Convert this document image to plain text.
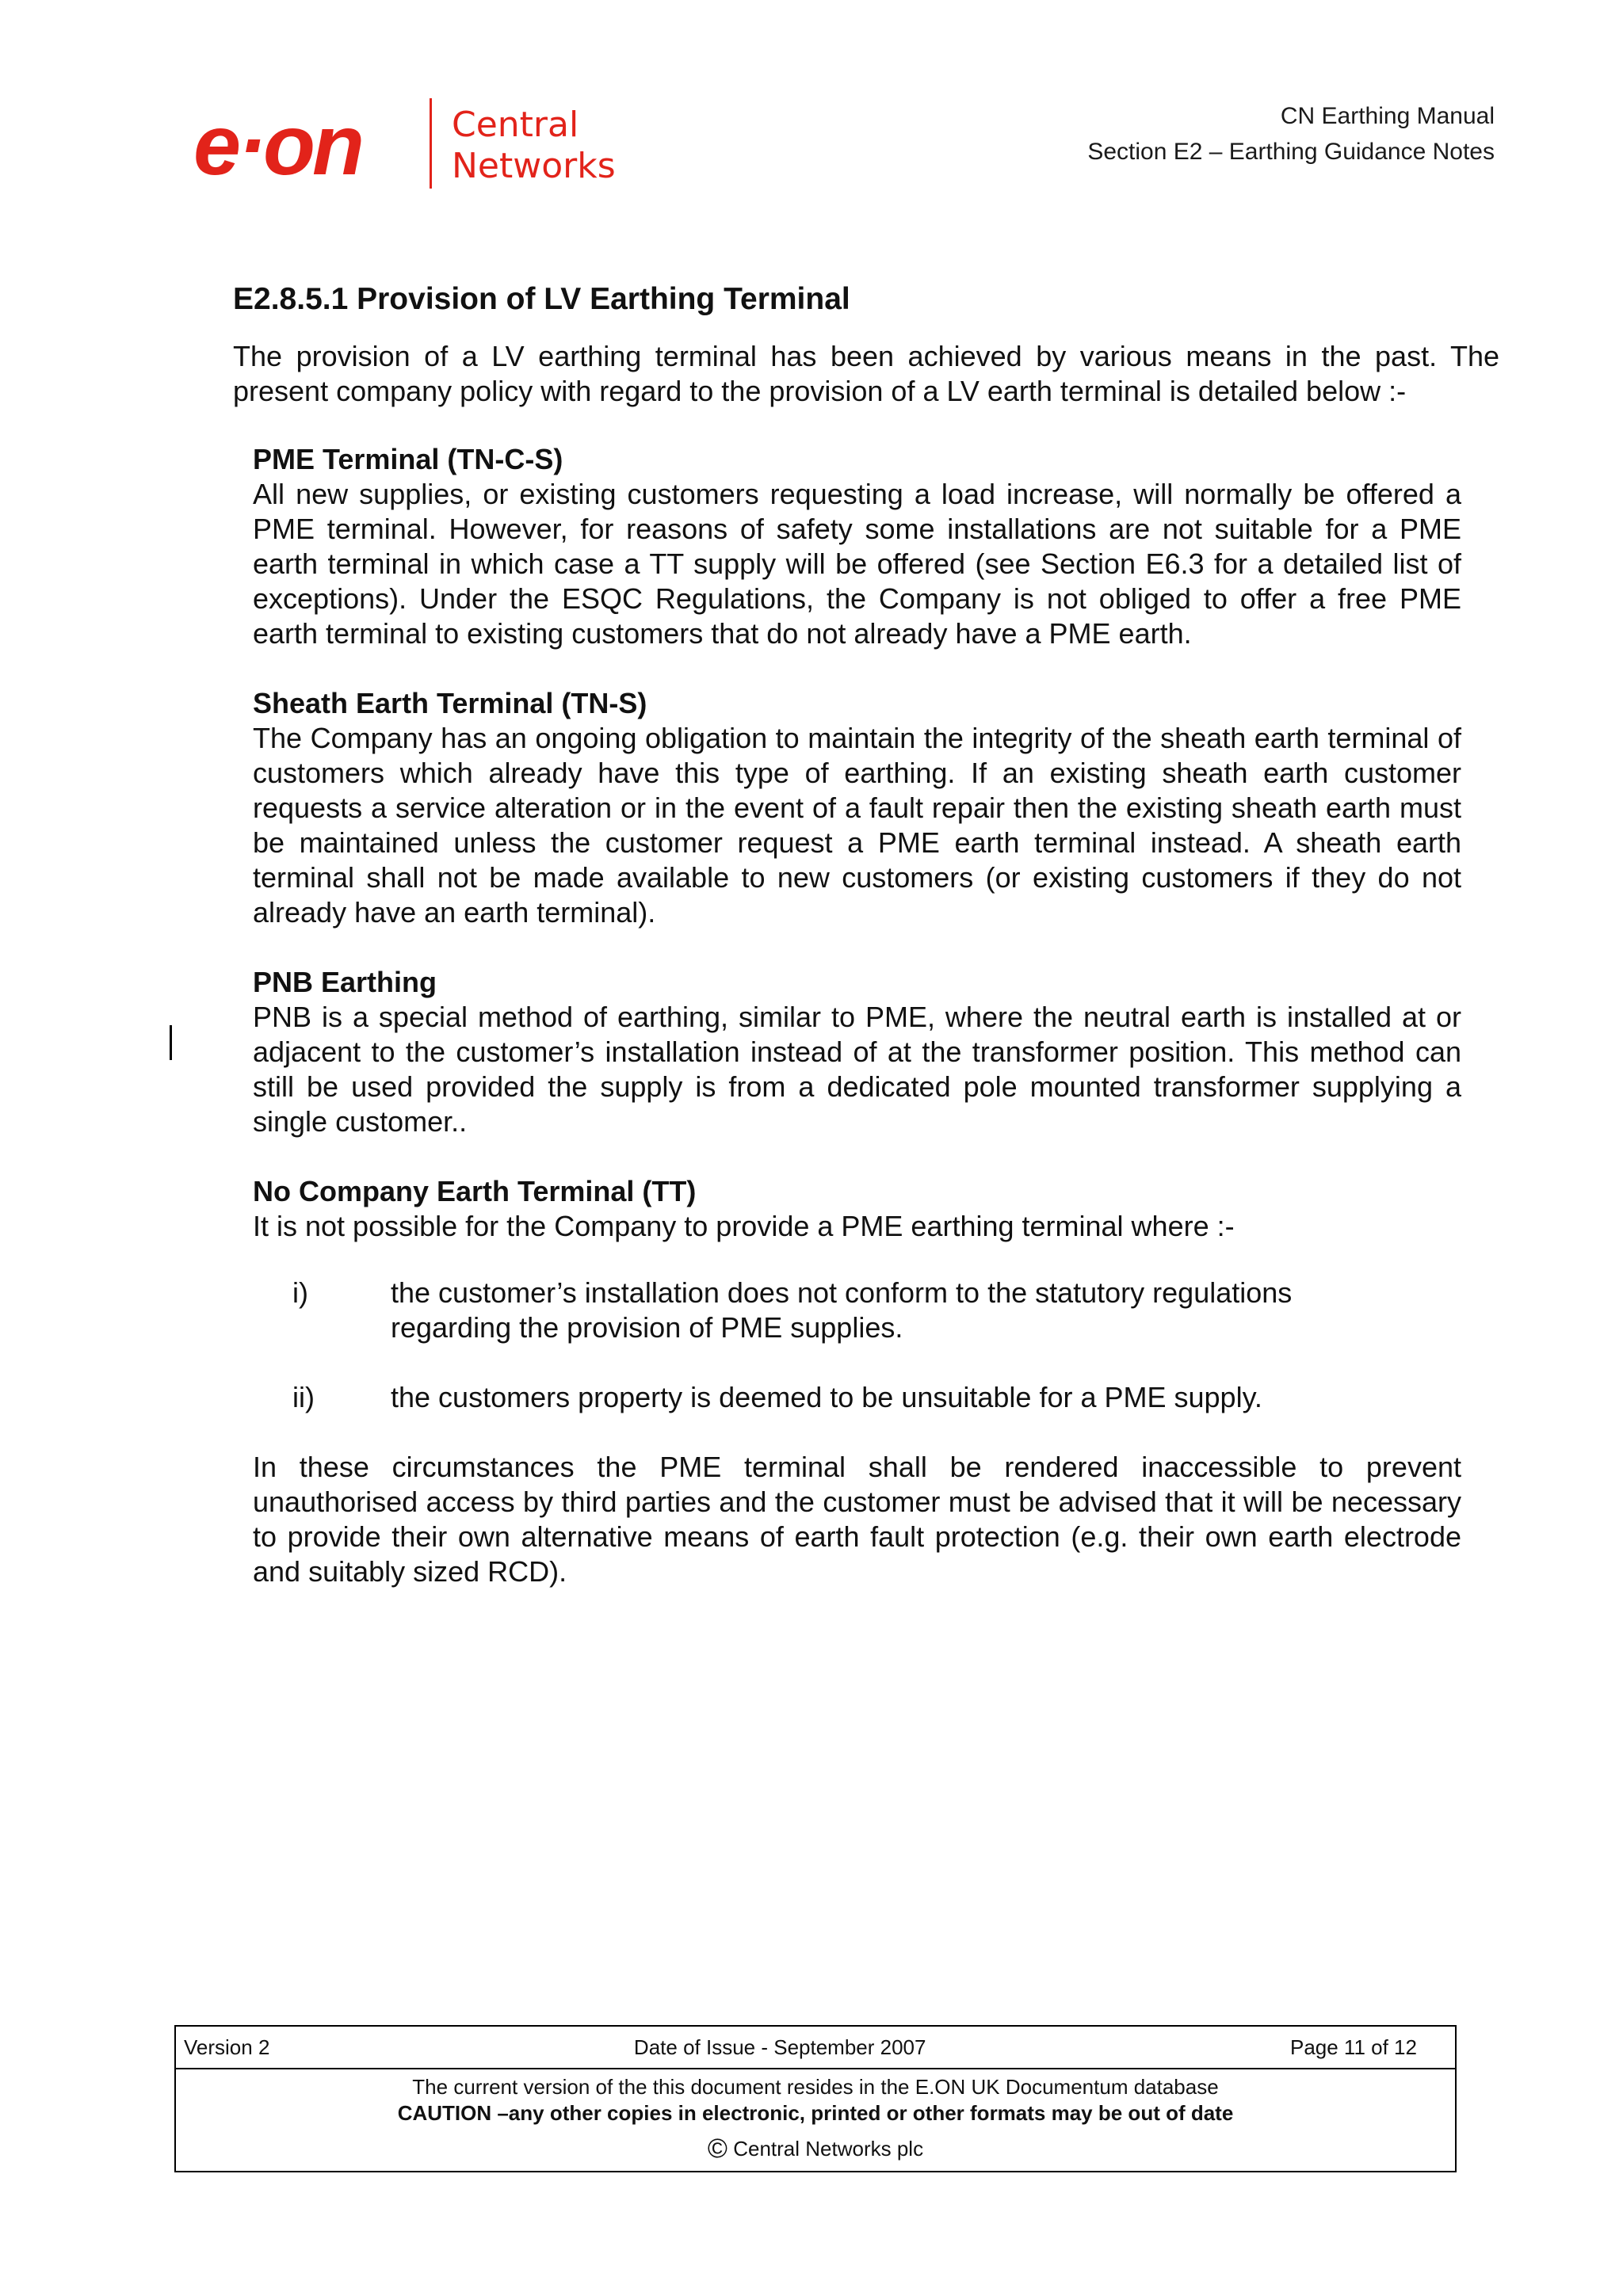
e·on	Central
Networks
CN Earthing Manual
Section E2 – Earthing Guidance Notes
E2.8.5.1 Provision of LV Earthing Terminal

The provision of a LV earthing terminal has been achieved by various means in the past. The present company policy with regard to the provision of a LV earth terminal is detailed below :-

PME Terminal (TN-C-S)

All new supplies, or existing customers requesting a load increase, will normally be offered a PME terminal. However, for reasons of safety some installations are not suitable for a PME earth terminal in which case a TT supply will be offered (see Section E6.3 for a detailed list of exceptions). Under the ESQC Regulations, the Company is not obliged to offer a free PME earth terminal to existing customers that do not already have a PME earth.

Sheath Earth Terminal (TN-S)

The Company has an ongoing obligation to maintain the integrity of the sheath earth terminal of customers which already have this type of earthing. If an existing sheath earth customer requests a service alteration or in the event of a fault repair then the existing sheath earth must be maintained unless the customer request a PME earth terminal instead. A sheath earth terminal shall not be made available to new customers (or existing customers if they do not already have an earth terminal).

PNB Earthing

PNB is a special method of earthing, similar to PME, where the neutral earth is installed at or adjacent to the customer’s installation instead of at the transformer position. This method can still be used provided the supply is from a dedicated pole mounted transformer supplying a single customer..

No Company Earth Terminal (TT)

It is not possible for the Company to provide a PME earthing terminal where :-

i)	the customer’s installation does not conform to the statutory regulations regarding the provision of PME supplies.
ii)	the customers property is deemed to be unsuitable for a PME supply.

In these circumstances the PME terminal shall be rendered inaccessible to prevent unauthorised access by third parties and the customer must be advised that it will be necessary to provide their own alternative means of earth fault protection (e.g. their own earth electrode and suitably sized RCD).

Version 2	Date of Issue - September 2007	Page 11 of 12
The current version of the this document resides in the E.ON UK Documentum database
CAUTION –any other copies in electronic, printed or other formats may be out of date
© Central Networks plc
